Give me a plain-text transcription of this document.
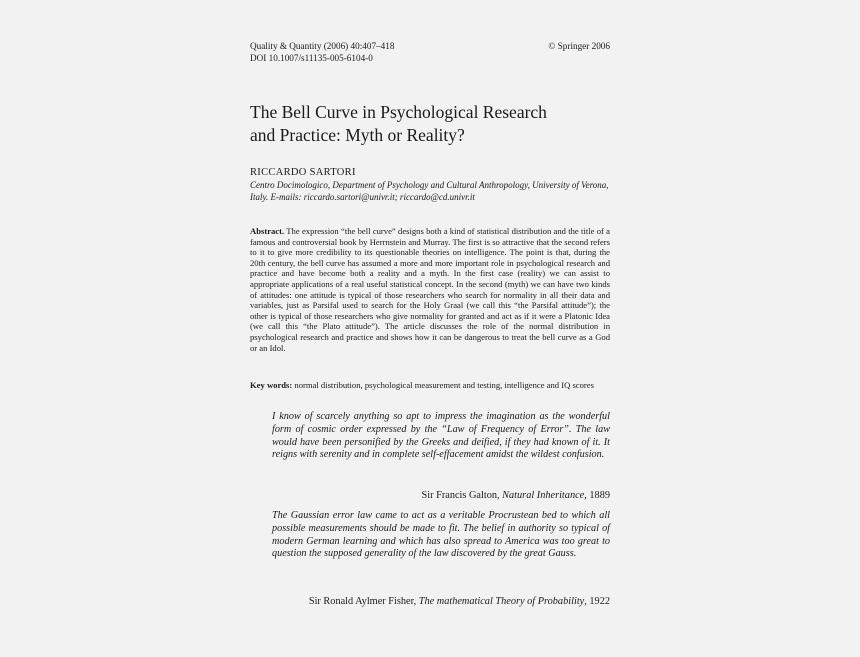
Quality & Quantity (2006) 40:407–418
DOI 10.1007/s11135-005-6104-0
© Springer 2006
The Bell Curve in Psychological Research
and Practice: Myth or Reality?
RICCARDO SARTORI
Centro Docimologico, Department of Psychology and Cultural Anthropology, University of Verona, Italy. E-mails: riccardo.sartori@univr.it; riccardo@cd.univr.it
Abstract. The expression “the bell curve” designs both a kind of statistical distribution and the title of a famous and controversial book by Herrnstein and Murray. The first is so attractive that the second refers to it to give more credibility to its questionable theories on intelligence. The point is that, during the 20th century, the bell curve has assumed a more and more important role in psychological research and practice and have become both a reality and a myth. In the first case (reality) we can assist to appropriate applications of a real useful statistical concept. In the second (myth) we can have two kinds of attitudes: one attitude is typical of those researchers who search for normality in all their data and variables, just as Parsifal used to search for the Holy Graal (we call this “the Parsifal attitude”); the other is typical of those researchers who give normality for granted and act as if it were a Platonic Idea (we call this “the Plato attitude”). The article discusses the role of the normal distribution in psychological research and practice and shows how it can be dangerous to treat the bell curve as a God or an Idol.
Key words: normal distribution, psychological measurement and testing, intelligence and IQ scores
I know of scarcely anything so apt to impress the imagination as the wonderful form of cosmic order expressed by the “Law of Frequency of Error”. The law would have been personified by the Greeks and deified, if they had known of it. It reigns with serenity and in complete self-effacement amidst the wildest confusion.
Sir Francis Galton, Natural Inheritance, 1889
The Gaussian error law came to act as a veritable Procrustean bed to which all possible measurements should be made to fit. The belief in authority so typical of modern German learning and which has also spread to America was too great to question the supposed generality of the law discovered by the great Gauss.
Sir Ronald Aylmer Fisher, The mathematical Theory of Probability, 1922
